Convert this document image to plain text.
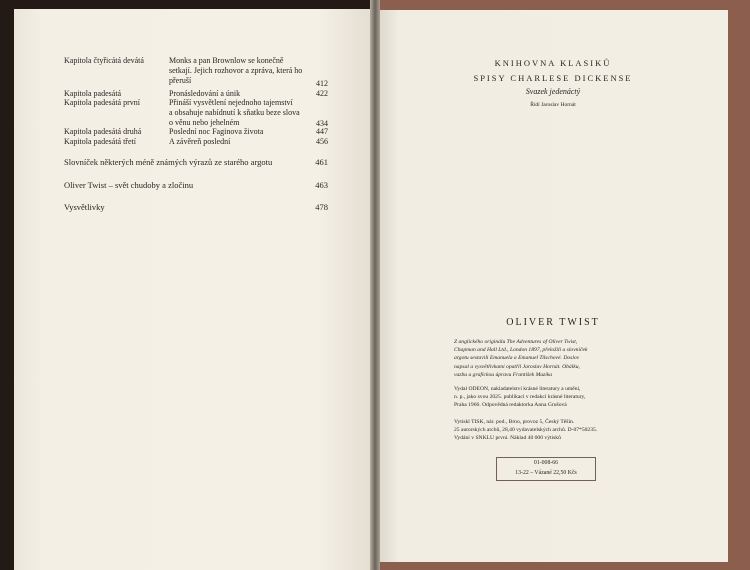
Kapitola čtyřicátá devátá	Monks a pan Brownlow se konečně
setkají. Jejich rozhovor a zpráva, která ho
přeruší	412
Kapitola padesátá	Pronásledování a únik	422
Kapitola padesátá první	Přináší vysvětlení nejednoho tajemství
a obsahuje nabídnutí k sňatku beze slova
o věnu nebo jehelném	434
Kapitola padesátá druhá	Poslední noc Faginova života	447
Kapitola padesátá třetí	A závěreň poslední	456
Slovníček některých méně známých výrazů ze starého argotu	461
Oliver Twist – svět chudoby a zločinu	463
Vysvětlivky	478
KNIHOVNA KLASIKŮ
SPISY CHARLESE DICKENSE
Svazek jedenáctý
Řídí Jaroslav Hornát
OLIVER TWIST
Z anglického originálu The Adventures of Oliver Twist,
Chapman and Hall Ltd., London 1897, přeložili a slovníček
argotu sestavili Emanuela a Emanuel Tilschové. Doslov
napsal a vysvětlivkami opatřil Jaroslav Hornát. Obálku,
vazbu a grafickou úpravu František Muzika
Vydal ODEON, nakladatelství krásné literatury a umění,
n. p., jako svou 2025. publikaci v redakci krásné literatury,
Praha 1966. Odpovědná redaktorka Anna Grušová
Vytiskl TISK, nár. pod., Brno, provoz 5, Český Těšín.
25 autorských archů, 28,40 vydavatelských archů. D-07*50235.
Vydání v SNKLU první. Náklad 40 000 výtisků
01-008-66
13-22 – Vázané 22,50 Kčs
